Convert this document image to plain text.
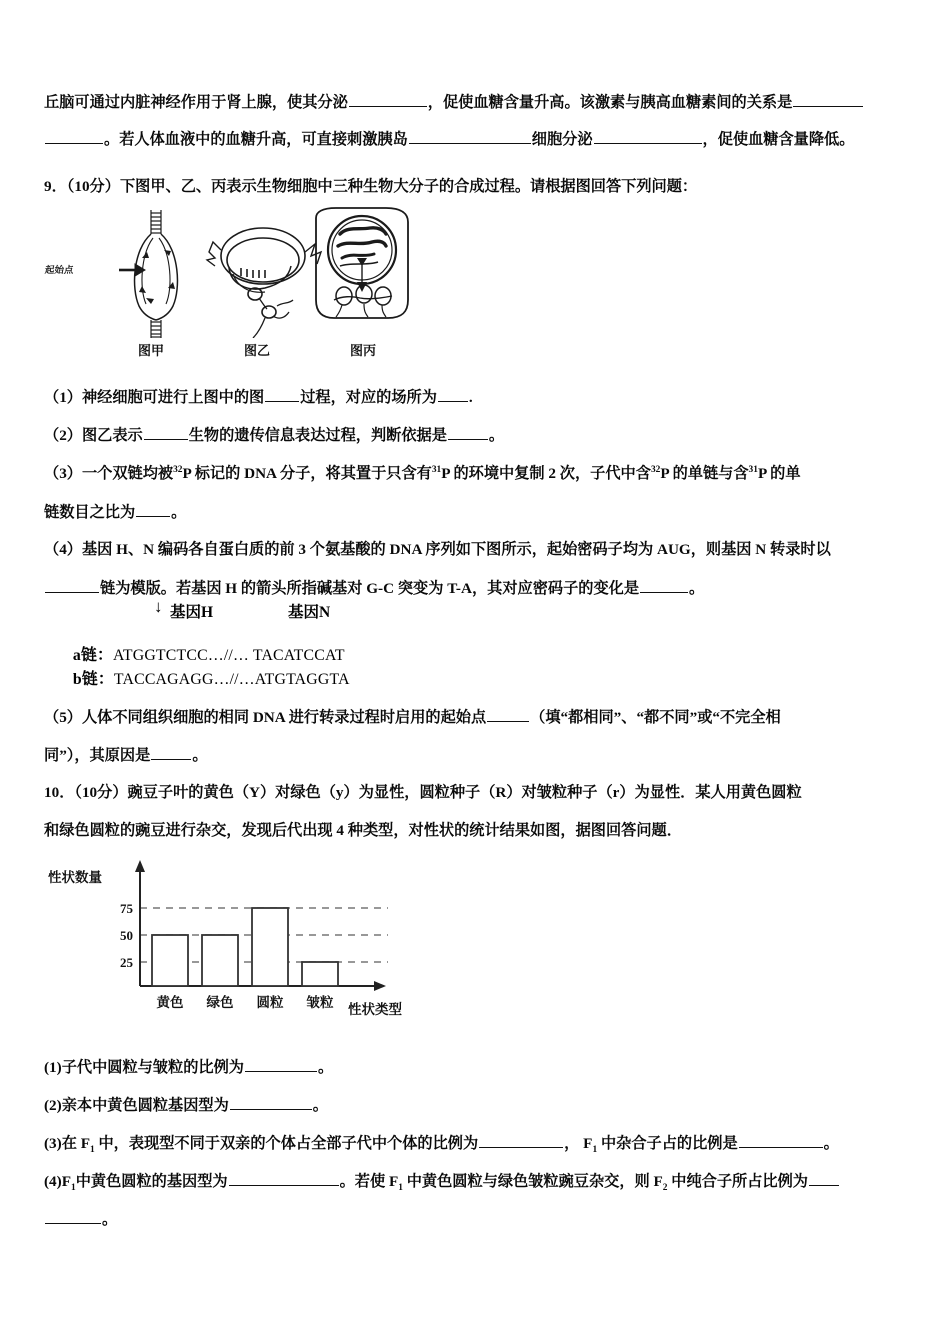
丘脑可通过内脏神经作用于肾上腺，使其分泌	，促使血糖含量升高。该激素与胰高血糖素间的关系是
。若人体血液中的血糖升高，可直接刺激胰岛	细胞分泌	，促使血糖含量降低。
9．（10分）下图甲、乙、丙表示生物细胞中三种生物大分子的合成过程。请根据图回答下列问题：
起始点
图甲	图乙	图丙
（1）神经细胞可进行上图中的图 过程，对应的场所为 .
（2）图乙表示	生物的遗传信息表达过程，判断依据是	。
（3）一个双链均被$^{32}$P 标记的 DNA 分子，将其置于只含有$^{31}$P 的环境中复制 2 次，子代中含$^{32}$P 的单链与含$^{31}$P 的单
链数目之比为 。
（4）基因 H、N 编码各自蛋白质的前 3 个氨基酸的 DNA 序列如下图所示，起始密码子均为 AUG，则基因 N 转录时以
链为模版。若基因 H 的箭头所指碱基对 G-C 突变为 T-A，其对应密码子的变化是	。
↓ 基因H	基因N

a链：ATGGTCTCC…//… TACATCCAT

b链：TACCAGAGG…//…ATGTAGGTA

（5）人体不同组织细胞的相同 DNA 进行转录过程时启用的起始点	（填“都相同”、“都不同”或“不完全相
同”），其原因是	。
10．（10分）豌豆子叶的黄色（Y）对绿色（y）为显性，圆粒种子（R）对皱粒种子（r）为显性．某人用黄色圆粒
和绿色圆粒的豌豆进行杂交，发现后代出现 4 种类型，对性状的统计结果如图，据图回答问题．
性状数量
性状类型
75
50
25
黄色	绿色	圆粒	皱粒
(1)子代中圆粒与皱粒的比例为	。
(2)亲本中黄色圆粒基因型为	。
(3)在 $F_1$ 中，表现型不同于双亲的个体占全部子代中个体的比例为	， $F_1$ 中杂合子占的比例是	。
$(4)F_1$中黄色圆粒的基因型为	。若使 $F_1$ 中黄色圆粒与绿色皱粒豌豆杂交，则 $F_2$ 中纯合子所占比例为
。
